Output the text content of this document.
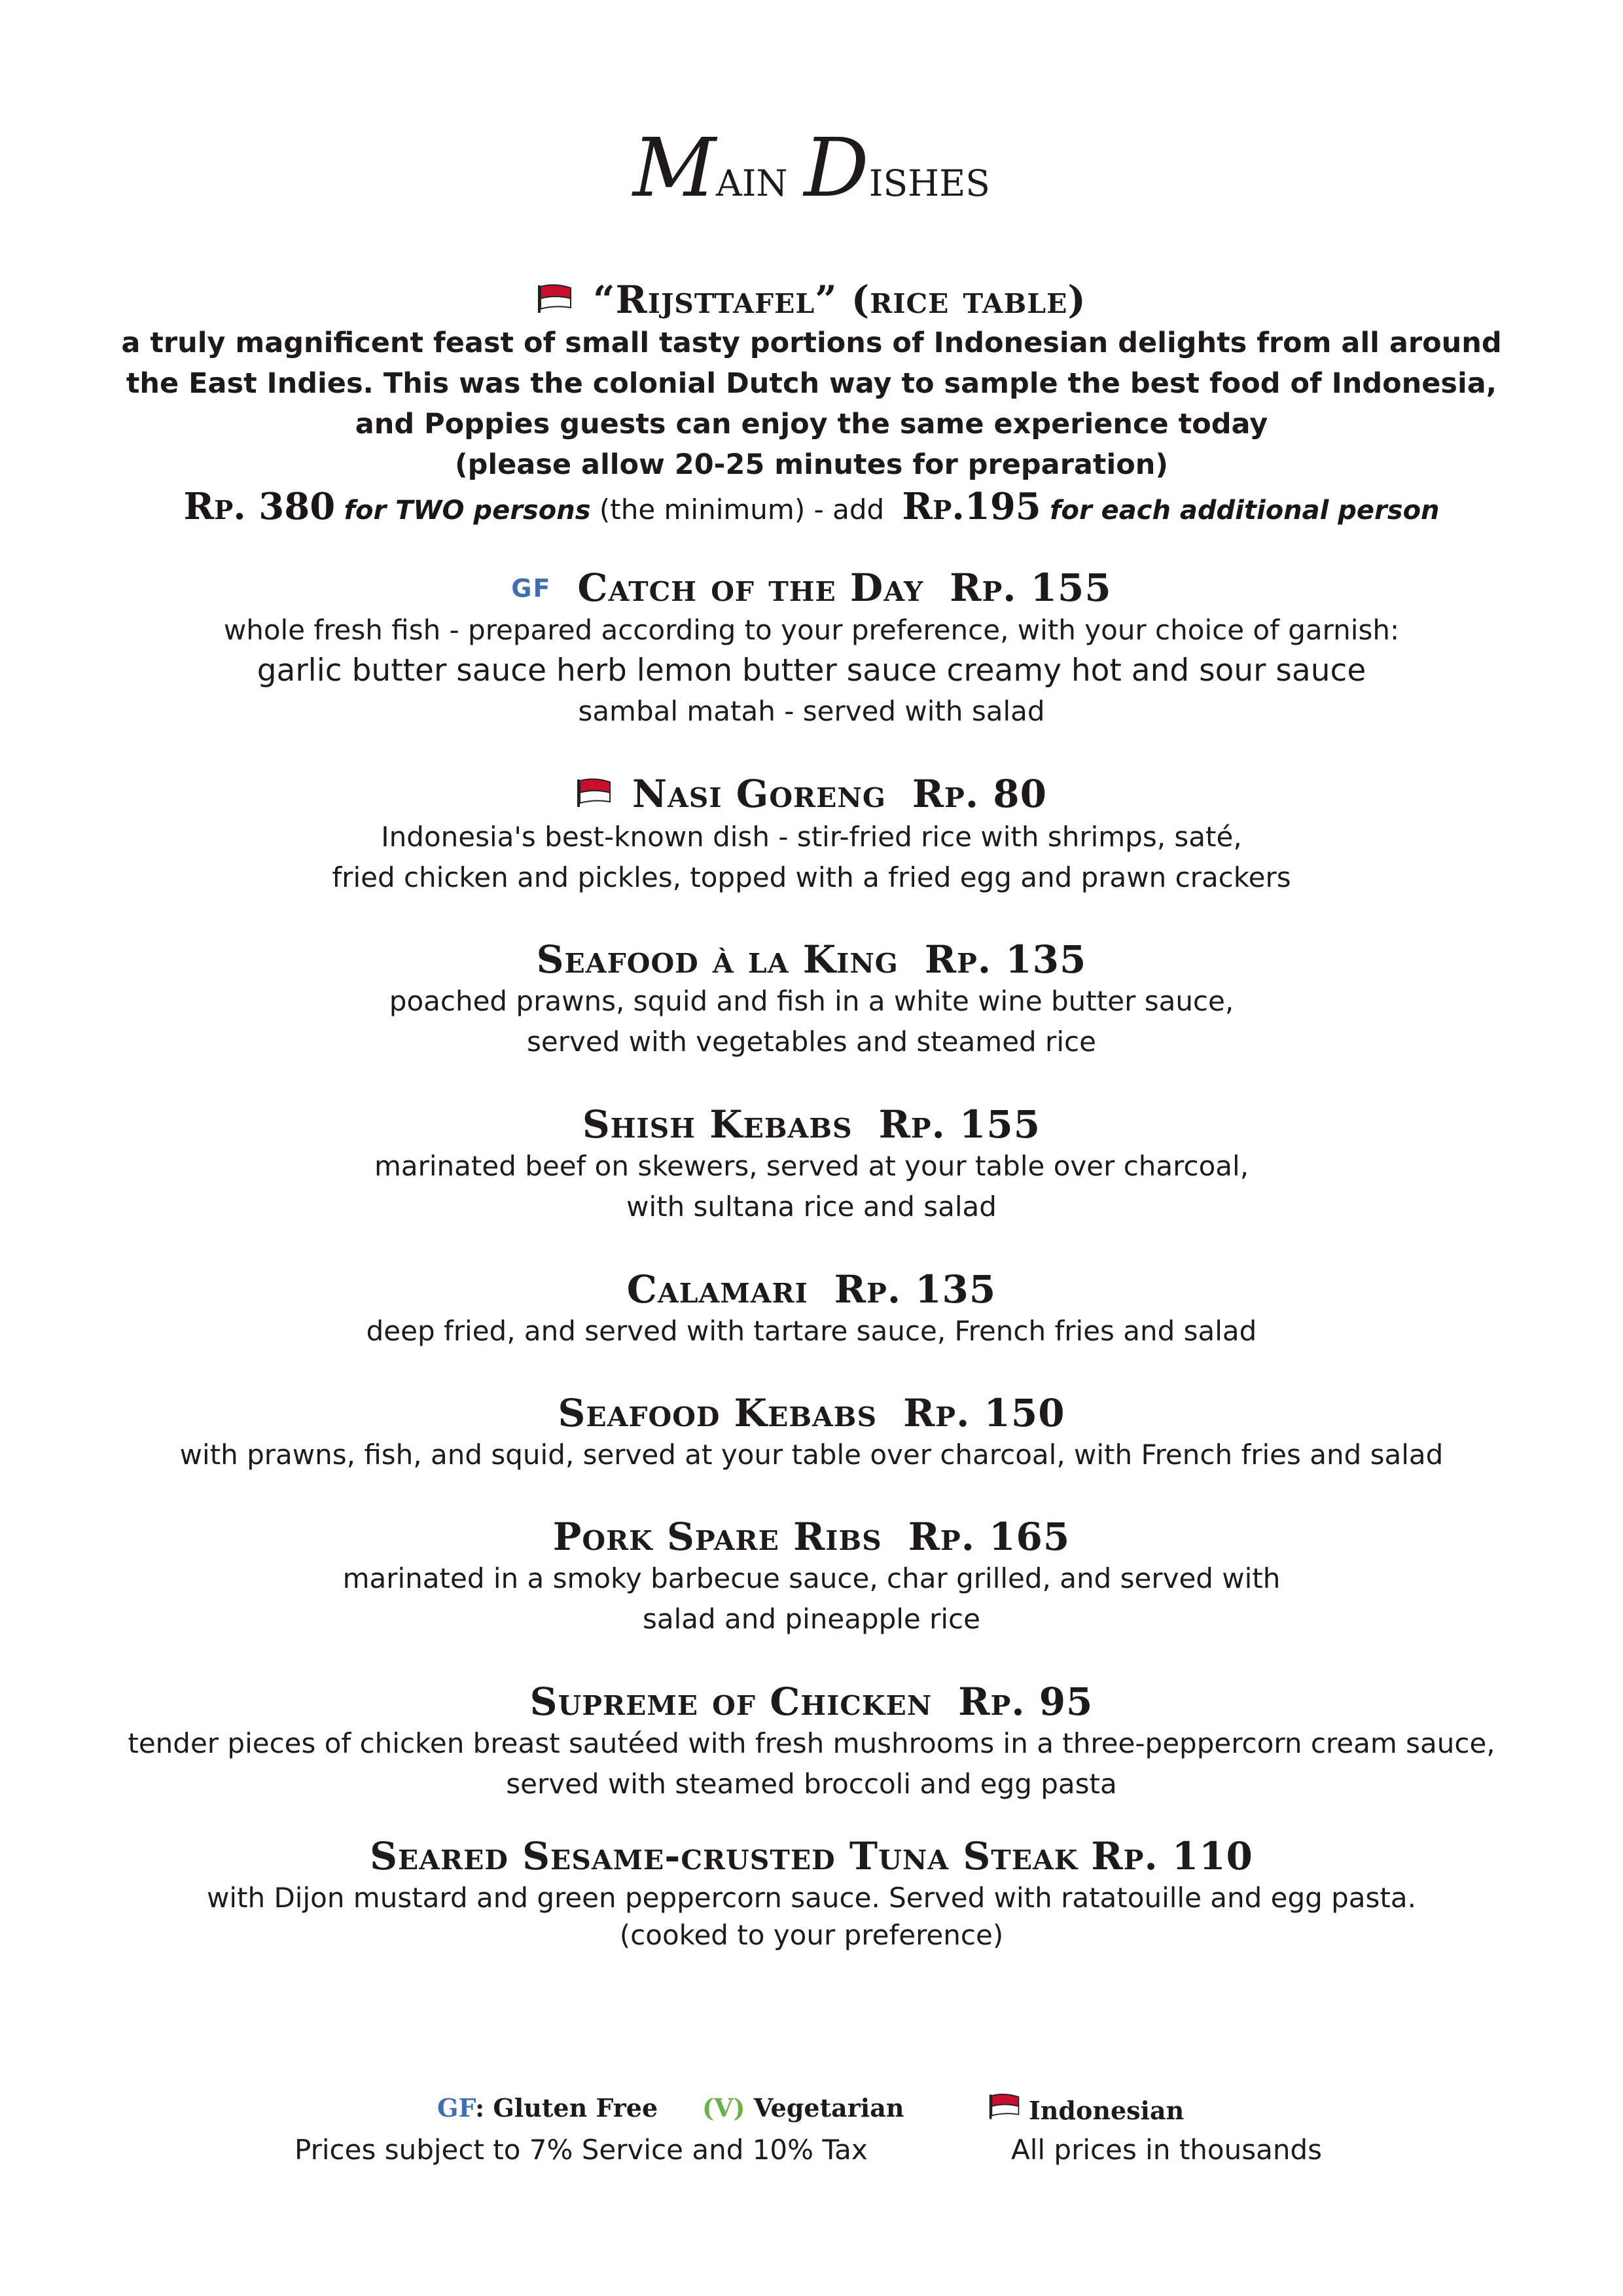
Main Dishes
“Rijsttafel” (rice table)
a truly magnificent feast of small tasty portions of Indonesian delights from all around
the East Indies. This was the colonial Dutch way to sample the best food of Indonesia,
and Poppies guests can enjoy the same experience today
(please allow 20-25 minutes for preparation)
Rp. 380 for TWO persons (the minimum) - add Rp.195 for each additional person
GF Catch of the Day Rp. 155
whole fresh fish - prepared according to your preference, with your choice of garnish:
garlic butter sauce herb lemon butter sauce creamy hot and sour sauce
sambal matah - served with salad
Nasi Goreng Rp. 80
Indonesia's best-known dish - stir-fried rice with shrimps, saté,
fried chicken and pickles, topped with a fried egg and prawn crackers
Seafood à la King Rp. 135
poached prawns, squid and fish in a white wine butter sauce,
served with vegetables and steamed rice
Shish Kebabs Rp. 155
marinated beef on skewers, served at your table over charcoal,
with sultana rice and salad
Calamari Rp. 135
deep fried, and served with tartare sauce, French fries and salad
Seafood Kebabs Rp. 150
with prawns, fish, and squid, served at your table over charcoal, with French fries and salad
Pork Spare Ribs Rp. 165
marinated in a smoky barbecue sauce, char grilled, and served with
salad and pineapple rice
Supreme of Chicken Rp. 95
tender pieces of chicken breast sautéed with fresh mushrooms in a three-peppercorn cream sauce,
served with steamed broccoli and egg pasta
Seared Sesame-crusted Tuna Steak Rp. 110
with Dijon mustard and green peppercorn sauce. Served with ratatouille and egg pasta.
(cooked to your preference)
GF: Gluten Free (V) Vegetarian	Indonesian
Prices subject to 7% Service and 10% Tax	All prices in thousands
